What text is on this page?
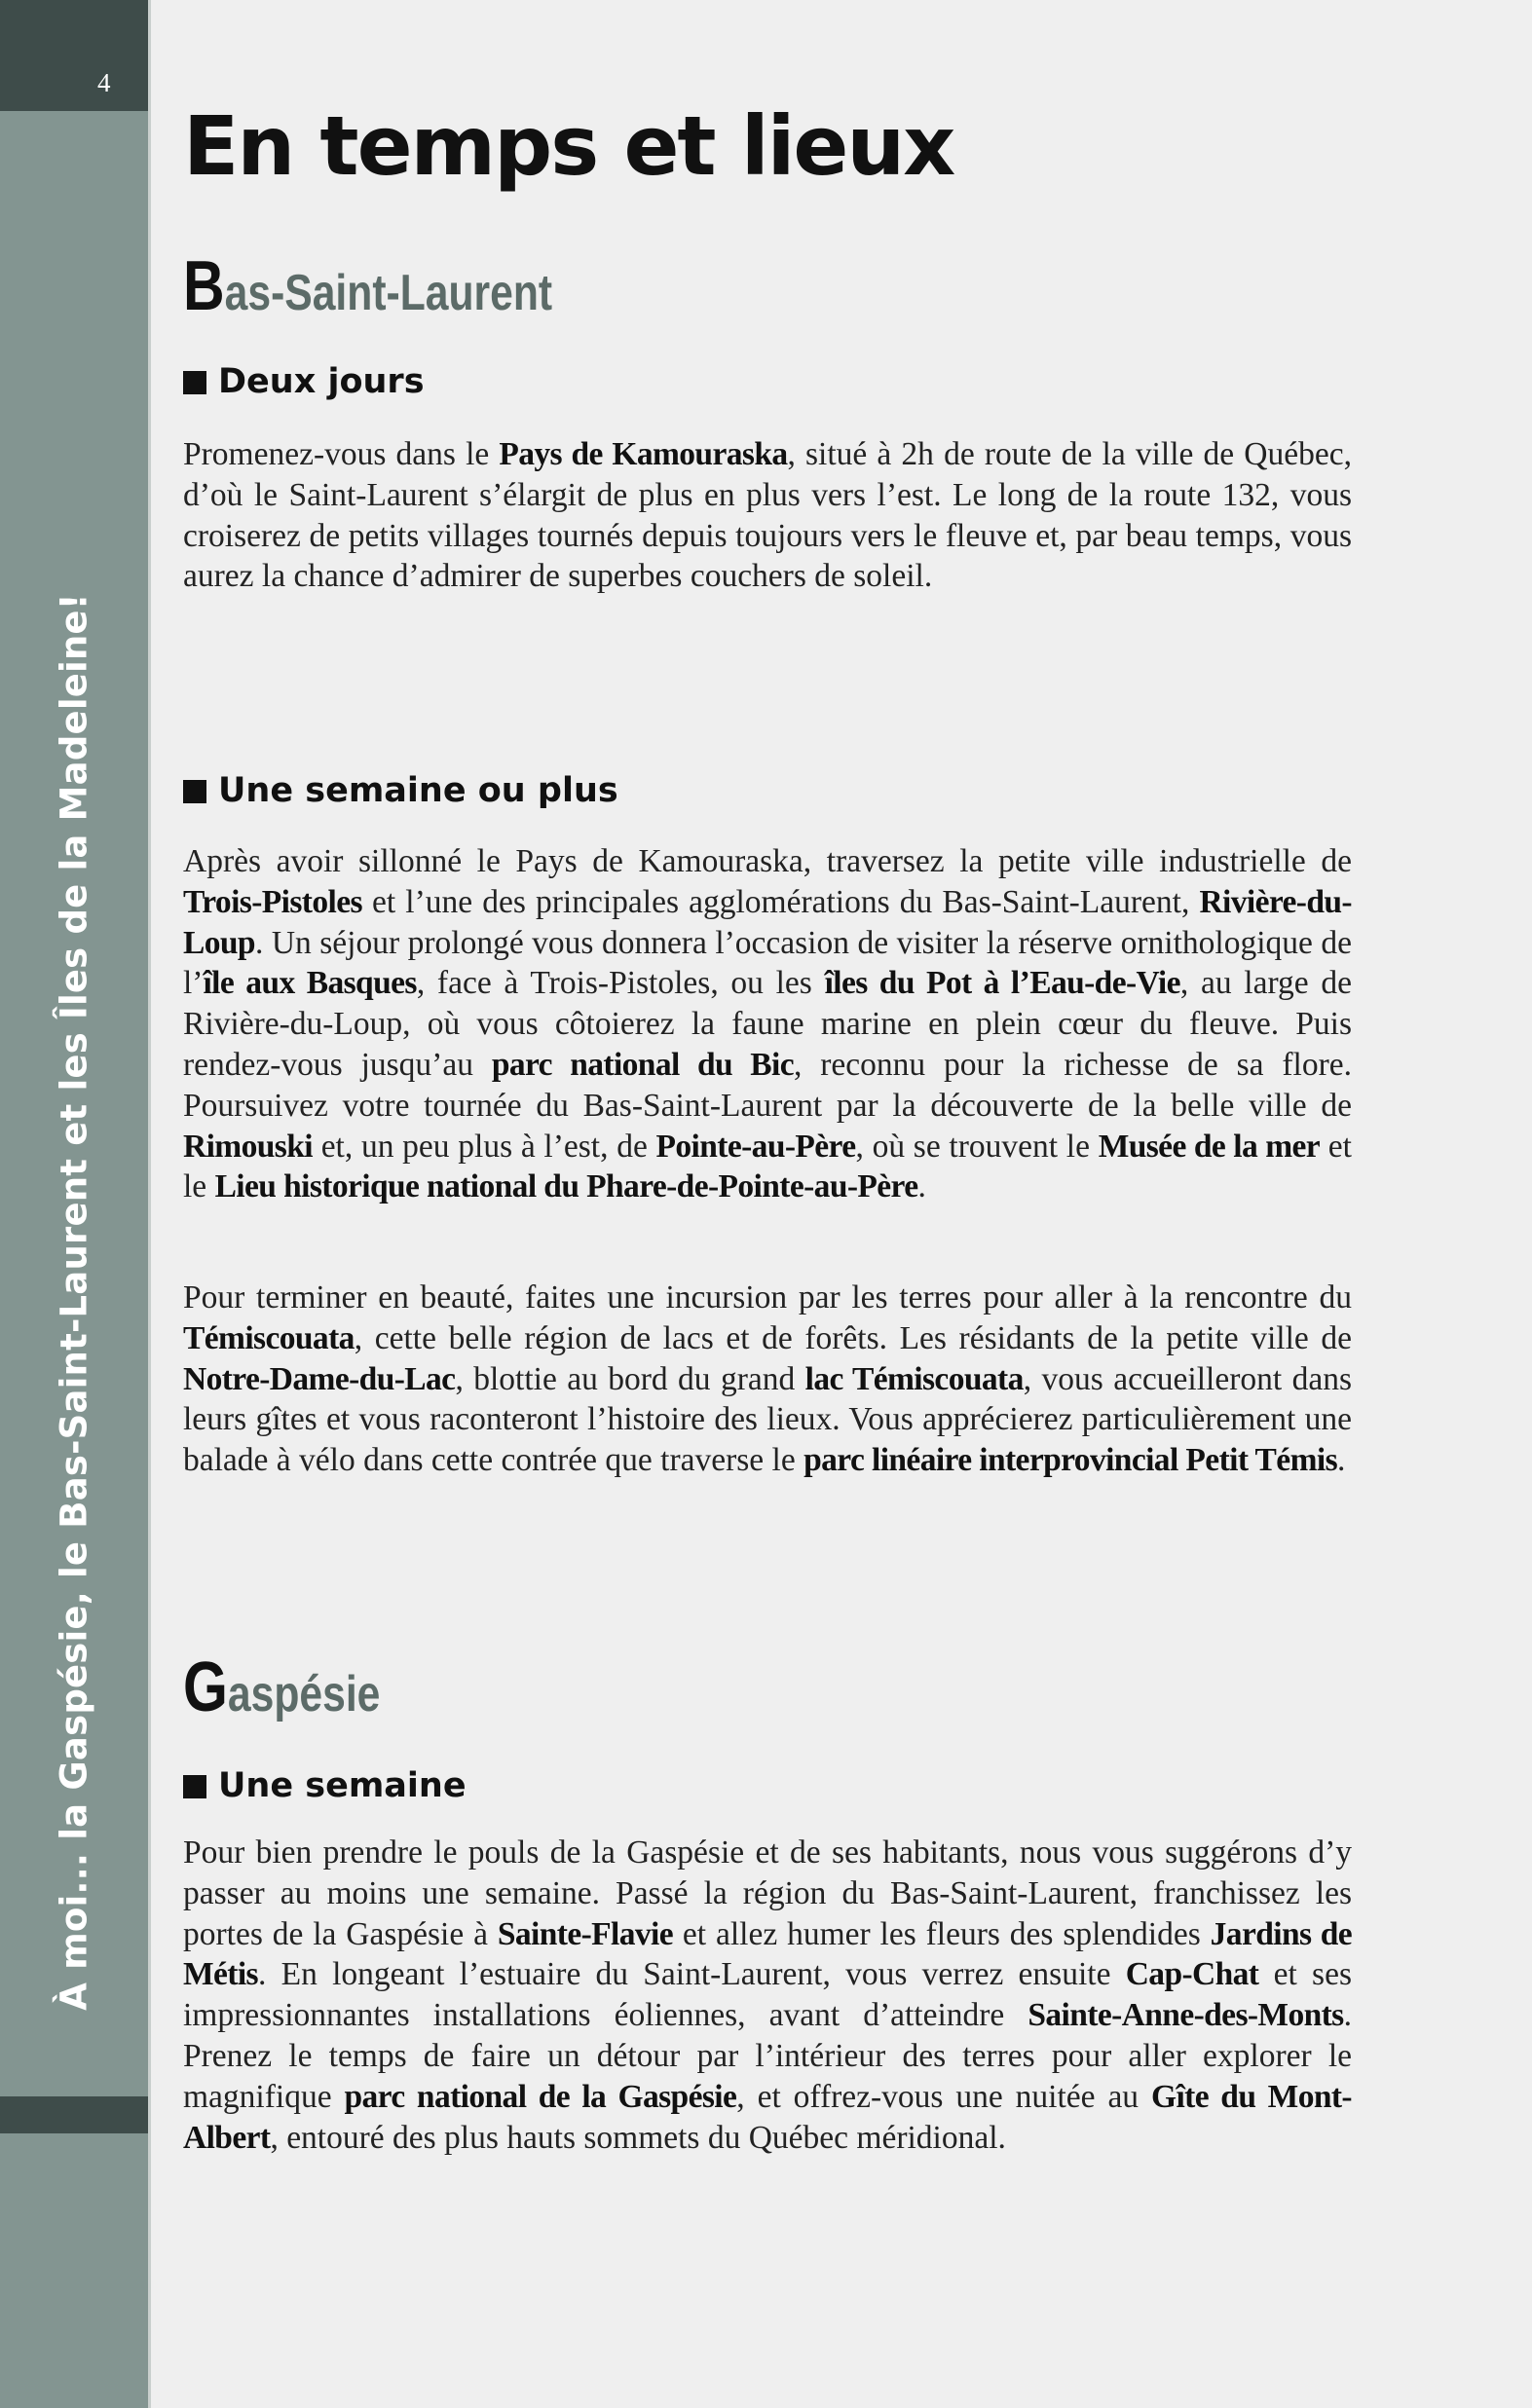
4
À moi... la Gaspésie, le Bas-Saint-Laurent et les Îles de la Madeleine!
En temps et lieux
Bas-Saint-Laurent
Deux jours

Promenez-vous dans le Pays de Kamouraska, situé à 2h de route de la ville de Québec, d’où le Saint-Laurent s’élargit de plus en plus vers l’est. Le long de la route 132, vous croiserez de petits villages tournés depuis toujours vers le fleuve et, par beau temps, vous aurez la chance d’admirer de superbes couchers de soleil.

Une semaine ou plus

Après avoir sillonné le Pays de Kamouraska, traversez la petite ville industrielle de Trois-Pistoles et l’une des principales agglomérations du Bas-Saint-Laurent, Rivière-du-Loup. Un séjour prolongé vous donnera l’occasion de visiter la réserve ornithologique de l’île aux Basques, face à Trois-Pistoles, ou les îles du Pot à l’Eau-de-Vie, au large de Rivière-du-Loup, où vous côtoierez la faune marine en plein cœur du fleuve. Puis rendez-vous jusqu’au parc national du Bic, reconnu pour la richesse de sa flore. Poursuivez votre tournée du Bas-Saint-Laurent par la découverte de la belle ville de Rimouski et, un peu plus à l’est, de Pointe-au-Père, où se trouvent le Musée de la mer et le Lieu historique national du Phare-de-Pointe-au-Père.

Pour terminer en beauté, faites une incursion par les terres pour aller à la rencontre du Témiscouata, cette belle région de lacs et de forêts. Les résidants de la petite ville de Notre-Dame-du-Lac, blottie au bord du grand lac Témiscouata, vous accueilleront dans leurs gîtes et vous raconteront l’histoire des lieux. Vous apprécierez particulièrement une balade à vélo dans cette contrée que traverse le parc linéaire interprovincial Petit Témis.

Gaspésie
Une semaine

Pour bien prendre le pouls de la Gaspésie et de ses habitants, nous vous suggérons d’y passer au moins une semaine. Passé la région du Bas-Saint-Laurent, franchissez les portes de la Gaspésie à Sainte-Flavie et allez humer les fleurs des splendides Jardins de Métis. En longeant l’estuaire du Saint-Laurent, vous verrez ensuite Cap-Chat et ses impressionnantes installations éoliennes, avant d’atteindre Sainte-Anne-des-Monts. Prenez le temps de faire un détour par l’intérieur des terres pour aller explorer le magnifique parc national de la Gaspésie, et offrez-vous une nuitée au Gîte du Mont-Albert, entouré des plus hauts sommets du Québec méridional.
